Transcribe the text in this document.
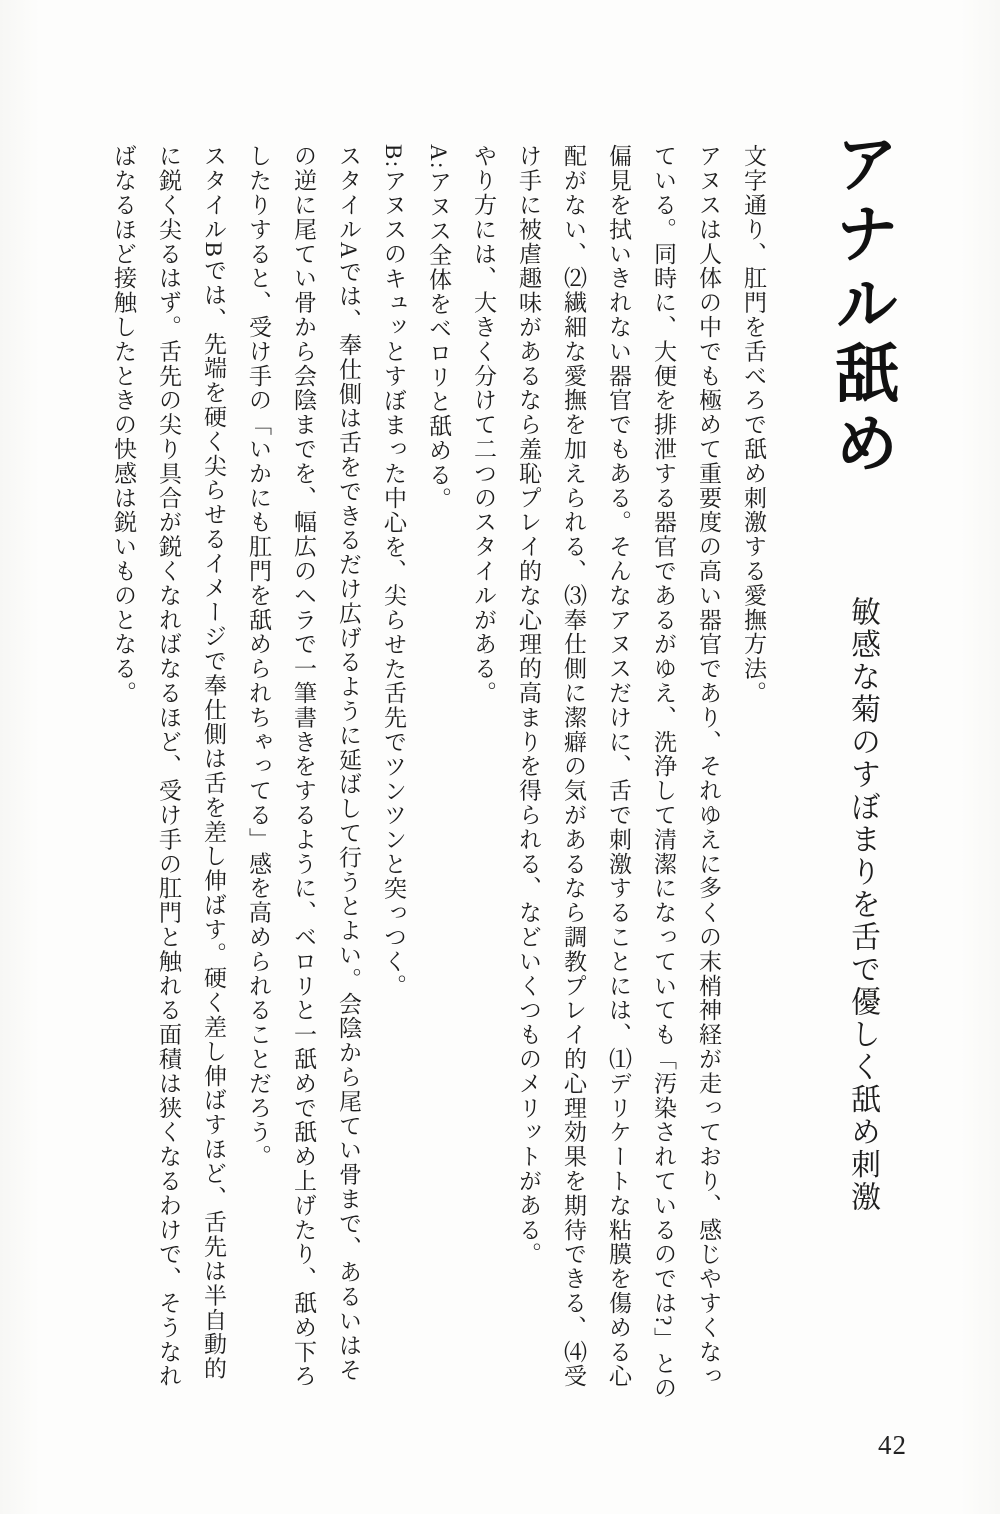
アナル舐め敏感な菊のすぼまりを舌で優しく舐め刺激

文字通り、肛門を舌べろで舐め刺激する愛撫方法。

アヌスは人体の中でも極めて重要度の高い器官であり、それゆえに多くの末梢神経が走っており、感じやすくなっている。同時に、大便を排泄する器官であるがゆえ、洗浄して清潔になっていても「汚染されているのでは?」との偏見を拭いきれない器官でもある。そんなアヌスだけに、舌で刺激することには、⑴デリケートな粘膜を傷める心配がない、⑵繊細な愛撫を加えられる、⑶奉仕側に潔癖の気があるなら調教プレイ的心理効果を期待できる、⑷受け手に被虐趣味があるなら羞恥プレイ的な心理的高まりを得られる、などいくつものメリットがある。

やり方には、大きく分けて二つのスタイルがある。

A:アヌス全体をベロリと舐める。

B:アヌスのキュッとすぼまった中心を、尖らせた舌先でツンツンと突っつく。

スタイルAでは、奉仕側は舌をできるだけ広げるように延ばして行うとよい。会陰から尾てい骨まで、あるいはその逆に尾てい骨から会陰までを、幅広のヘラで一筆書きをするように、ベロリと一舐めで舐め上げたり、舐め下ろしたりすると、受け手の「いかにも肛門を舐められちゃってる」感を高められることだろう。

スタイルBでは、先端を硬く尖らせるイメージで奉仕側は舌を差し伸ばす。硬く差し伸ばすほど、舌先は半自動的に鋭く尖るはず。舌先の尖り具合が鋭くなればなるほど、受け手の肛門と触れる面積は狭くなるわけで、そうなればなるほど接触したときの快感は鋭いものとなる。

42
